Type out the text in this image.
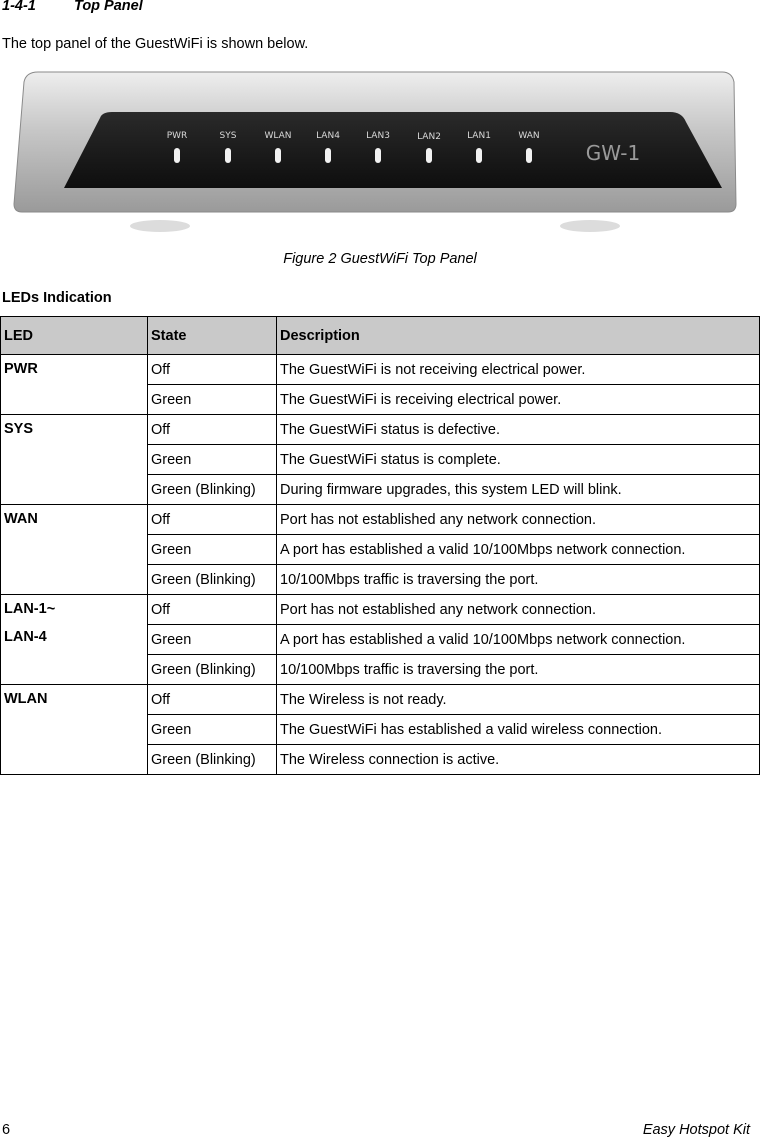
1-4-1	Top Panel
The top panel of the GuestWiFi is shown below.
PWR	SYS	WLAN	LAN4	LAN3	LAN2	LAN1	WAN
GW-1
Figure 2 GuestWiFi Top Panel
LEDs Indication
LED	State	Description

PWR	Off	The GuestWiFi is not receiving electrical power.
	Green	The GuestWiFi is receiving electrical power.

SYS	Off	The GuestWiFi status is defective.
	Green	The GuestWiFi status is complete.
	Green (Blinking)	During firmware upgrades, this system LED will blink.

WAN	Off	Port has not established any network connection.
	Green	A port has established a valid 10/100Mbps network connection.
	Green (Blinking)	10/100Mbps traffic is traversing the port.

LAN-1~
LAN-4	Off	Port has not established any network connection.
	Green	A port has established a valid 10/100Mbps network connection.
	Green (Blinking)	10/100Mbps traffic is traversing the port.

WLAN	Off	The Wireless is not ready.
	Green	The GuestWiFi has established a valid wireless connection.
	Green (Blinking)	The Wireless connection is active.
6	Easy Hotspot Kit
